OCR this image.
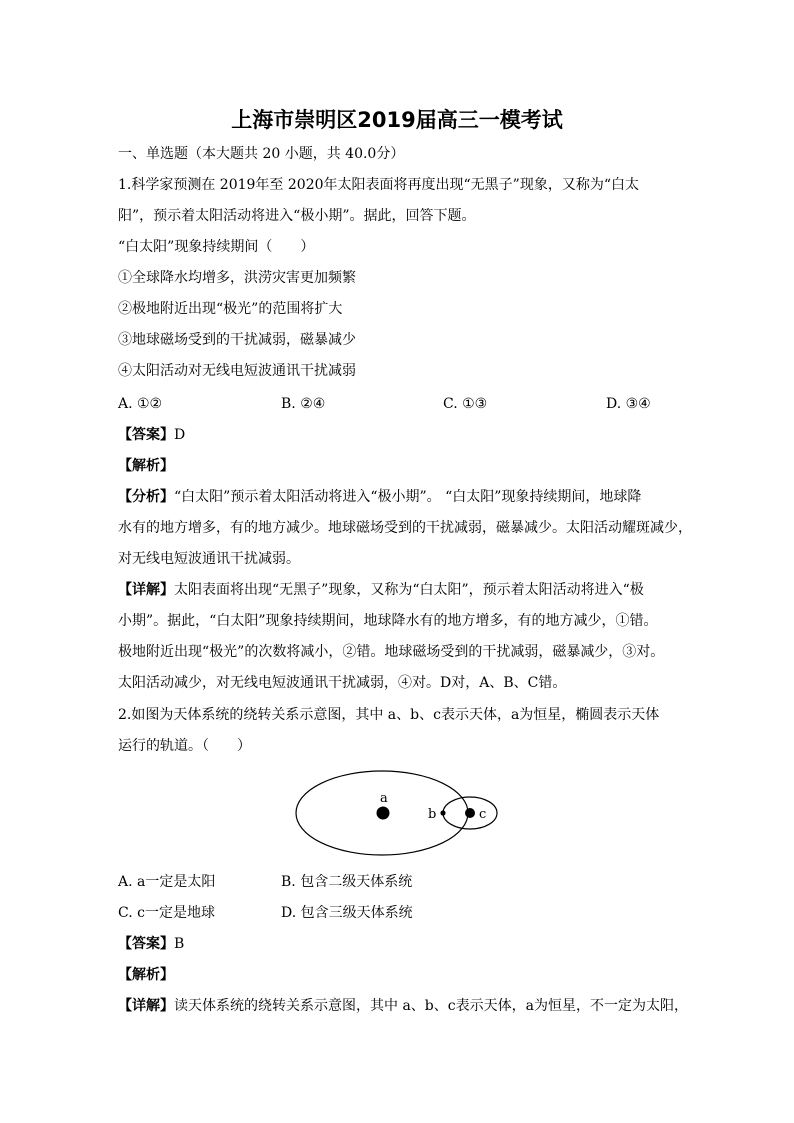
上海市崇明区2019届高三一模考试
一、单选题（本大题共 20 小题，共 40.0分）
1.科学家预测在 2019年至 2020年太阳表面将再度出现“无黑子”现象，又称为“白太
阳”，预示着太阳活动将进入“极小期”。据此，回答下题。
“白太阳”现象持续期间（　　）
①全球降水均增多，洪涝灾害更加频繁
②极地附近出现“极光”的范围将扩大
③地球磁场受到的干扰减弱，磁暴减少
④太阳活动对无线电短波通讯干扰减弱
A. ①②	B. ②④	C. ①③	D. ③④
【答案】D
【解析】
【分析】“白太阳”预示着太阳活动将进入“极小期”。 “白太阳”现象持续期间，地球降
水有的地方增多，有的地方减少。地球磁场受到的干扰减弱，磁暴减少。太阳活动耀斑减少，
对无线电短波通讯干扰减弱。
【详解】太阳表面将出现“无黑子”现象，又称为“白太阳”，预示着太阳活动将进入“极
小期”。据此，“白太阳”现象持续期间，地球降水有的地方增多，有的地方减少，①错。
极地附近出现“极光”的次数将减小，②错。地球磁场受到的干扰减弱，磁暴减少，③对。
太阳活动减少，对无线电短波通讯干扰减弱，④对。D对，A、B、C错。
2.如图为天体系统的绕转关系示意图，其中 a、b、c表示天体，a为恒星，椭圆表示天体
运行的轨道。（　　）
a
b	c
A. a一定是太阳	B. 包含二级天体系统
C. c一定是地球	D. 包含三级天体系统
【答案】B
【解析】
【详解】读天体系统的绕转关系示意图，其中 a、b、c表示天体，a为恒星，不一定为太阳，
